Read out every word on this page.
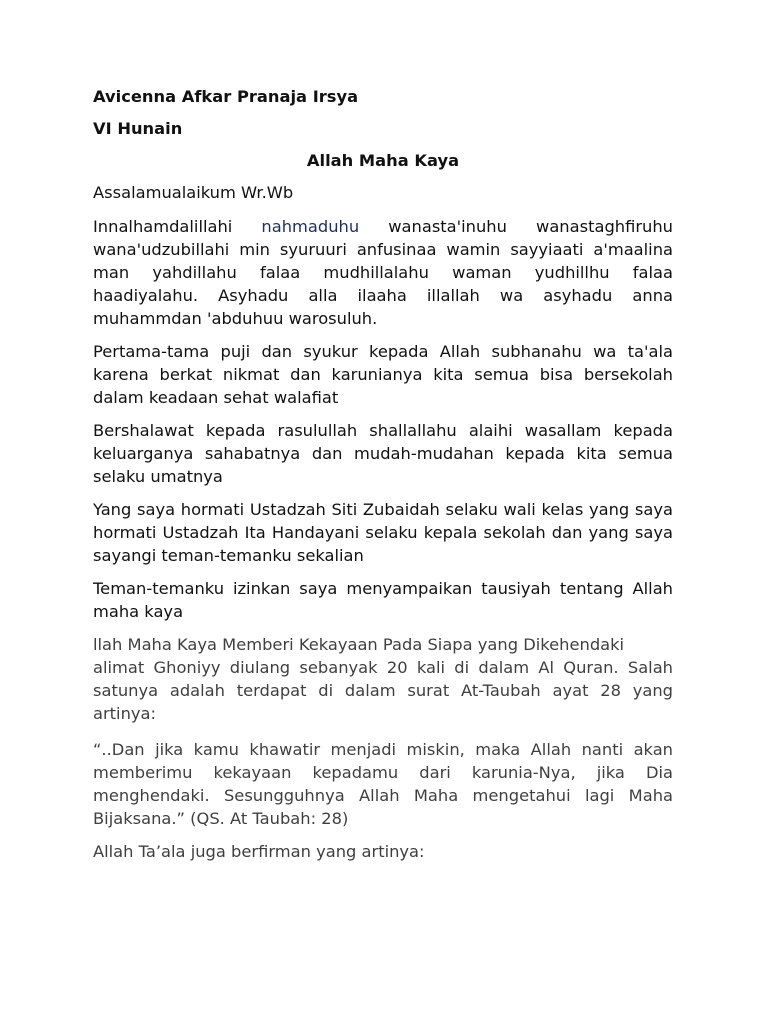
Avicenna Afkar Pranaja Irsya

VI Hunain

Allah Maha Kaya

Assalamualaikum Wr.Wb

Innalhamdalillahi nahmaduhu wanasta'inuhu wanastaghfiruhu wana'udzubillahi min syuruuri anfusinaa wamin sayyiaati a'maalina man yahdillahu falaa mudhillalahu waman yudhillhu falaa haadiyalahu. Asyhadu alla ilaaha illallah wa asyhadu anna muhammdan 'abduhuu warosuluh.

Pertama-tama puji dan syukur kepada Allah subhanahu wa ta'ala karena berkat nikmat dan karunianya kita semua bisa bersekolah dalam keadaan sehat walafiat

Bershalawat kepada rasulullah shallallahu alaihi wasallam kepada keluarganya sahabatnya dan mudah-mudahan kepada kita semua selaku umatnya

Yang saya hormati Ustadzah Siti Zubaidah selaku wali kelas yang saya hormati Ustadzah Ita Handayani selaku kepala sekolah dan yang saya sayangi teman-temanku sekalian

Teman-temanku izinkan saya menyampaikan tausiyah tentang Allah maha kaya

llah Maha Kaya Memberi Kekayaan Pada Siapa yang Dikehendaki
alimat Ghoniyy diulang sebanyak 20 kali di dalam Al Quran. Salah satunya adalah terdapat di dalam surat At-Taubah ayat 28 yang artinya:

“..Dan jika kamu khawatir menjadi miskin, maka Allah nanti akan memberimu kekayaan kepadamu dari karunia-Nya, jika Dia menghendaki. Sesungguhnya Allah Maha mengetahui lagi Maha Bijaksana.” (QS. At Taubah: 28)

Allah Ta’ala juga berfirman yang artinya:
